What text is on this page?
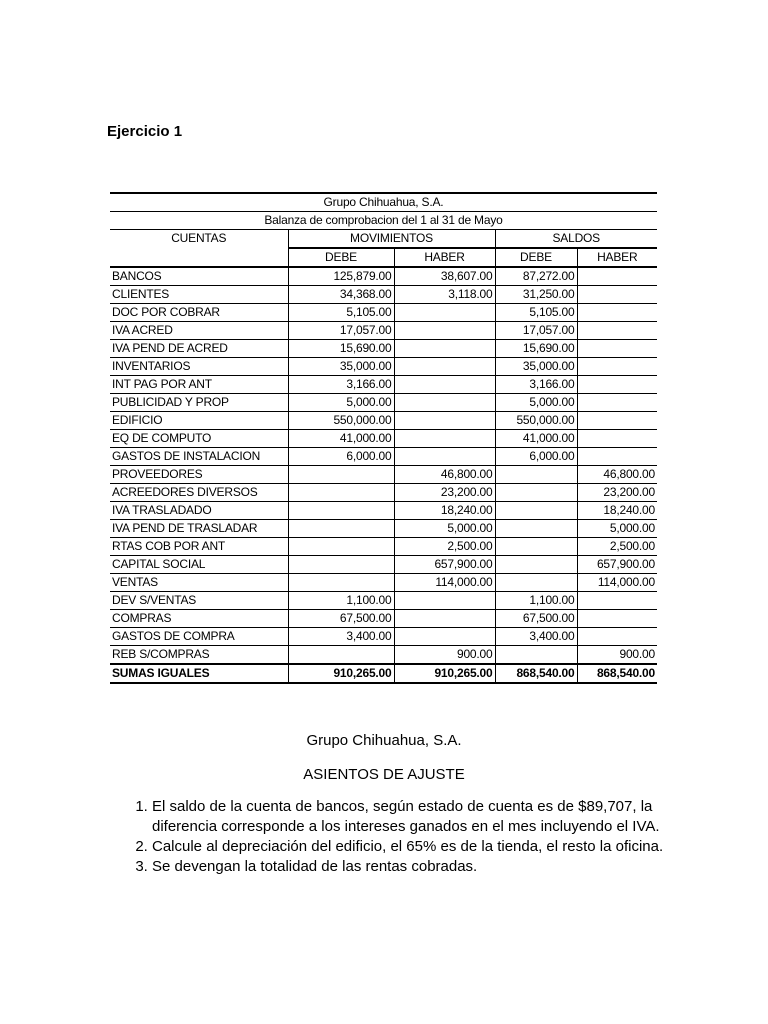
Ejercicio 1
Grupo Chihuahua, S.A.				
Balanza de comprobacion del 1 al 31 de Mayo				
CUENTAS	MOVIMIENTOS		SALDOS	
	DEBE	HABER	DEBE	HABER
BANCOS	125,879.00	38,607.00	87,272.00	
CLIENTES	34,368.00	3,118.00	31,250.00	
DOC POR COBRAR	5,105.00		5,105.00	
IVA ACRED	17,057.00		17,057.00	
IVA PEND DE ACRED	15,690.00		15,690.00	
INVENTARIOS	35,000.00		35,000.00	
INT PAG POR ANT	3,166.00		3,166.00	
PUBLICIDAD Y PROP	5,000.00		5,000.00	
EDIFICIO	550,000.00		550,000.00	
EQ DE COMPUTO	41,000.00		41,000.00	
GASTOS DE INSTALACION	6,000.00		6,000.00	
PROVEEDORES		46,800.00		46,800.00
ACREEDORES DIVERSOS		23,200.00		23,200.00
IVA TRASLADADO		18,240.00		18,240.00
IVA PEND DE TRASLADAR		5,000.00		5,000.00
RTAS COB POR ANT		2,500.00		2,500.00
CAPITAL SOCIAL		657,900.00		657,900.00
VENTAS		114,000.00		114,000.00
DEV S/VENTAS	1,100.00		1,100.00	
COMPRAS	67,500.00		67,500.00	
GASTOS DE COMPRA	3,400.00		3,400.00	
REB S/COMPRAS		900.00		900.00
SUMAS IGUALES	910,265.00	910,265.00	868,540.00	868,540.00
Grupo Chihuahua, S.A.
ASIENTOS DE AJUSTE
1. El saldo de la cuenta de bancos, según estado de cuenta es de $89,707, la diferencia corresponde a los intereses ganados en el mes incluyendo el IVA.
2. Calcule al depreciación del edificio, el 65% es de la tienda, el resto la oficina.
3. Se devengan la totalidad de las rentas cobradas.
